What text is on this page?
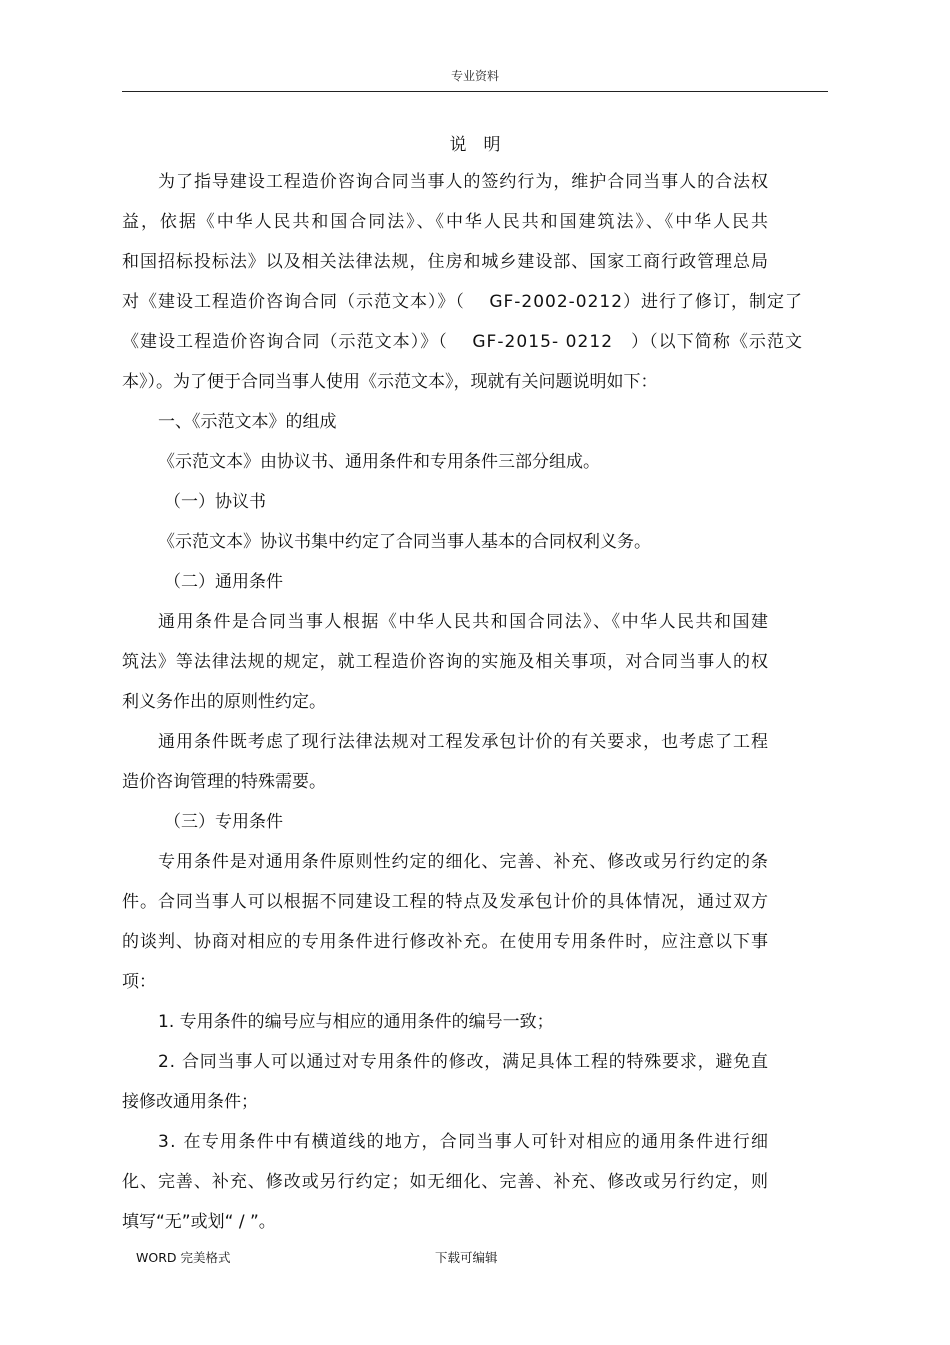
专业资料
说　明
为了指导建设工程造价咨询合同当事人的签约行为，维护合同当事人的合法权
益，依据《中华人民共和国合同法》、《中华人民共和国建筑法》、《中华人民共
和国招标投标法》以及相关法律法规，住房和城乡建设部、国家工商行政管理总局
对《建设工程造价咨询合同（示范文本）》（　 GF-2002-0212）进行了修订，制定了
《建设工程造价咨询合同（示范文本）》（　 GF-2015- 0212　）（以下简称《示范文
本》）。为了便于合同当事人使用《示范文本》，现就有关问题说明如下：
一、《示范文本》的组成
《示范文本》由协议书、通用条件和专用条件三部分组成。
（一）协议书
《示范文本》协议书集中约定了合同当事人基本的合同权利义务。
（二）通用条件
通用条件是合同当事人根据《中华人民共和国合同法》、《中华人民共和国建
筑法》等法律法规的规定，就工程造价咨询的实施及相关事项，对合同当事人的权
利义务作出的原则性约定。
通用条件既考虑了现行法律法规对工程发承包计价的有关要求，也考虑了工程
造价咨询管理的特殊需要。
（三）专用条件
专用条件是对通用条件原则性约定的细化、完善、补充、修改或另行约定的条
件。合同当事人可以根据不同建设工程的特点及发承包计价的具体情况，通过双方
的谈判、协商对相应的专用条件进行修改补充。在使用专用条件时，应注意以下事
项：
1. 专用条件的编号应与相应的通用条件的编号一致；
2. 合同当事人可以通过对专用条件的修改，满足具体工程的特殊要求，避免直
接修改通用条件；
3. 在专用条件中有横道线的地方，合同当事人可针对相应的通用条件进行细
化、完善、补充、修改或另行约定；如无细化、完善、补充、修改或另行约定，则
填写“无”或划“ / ”。
WORD 完美格式	下载可编辑
